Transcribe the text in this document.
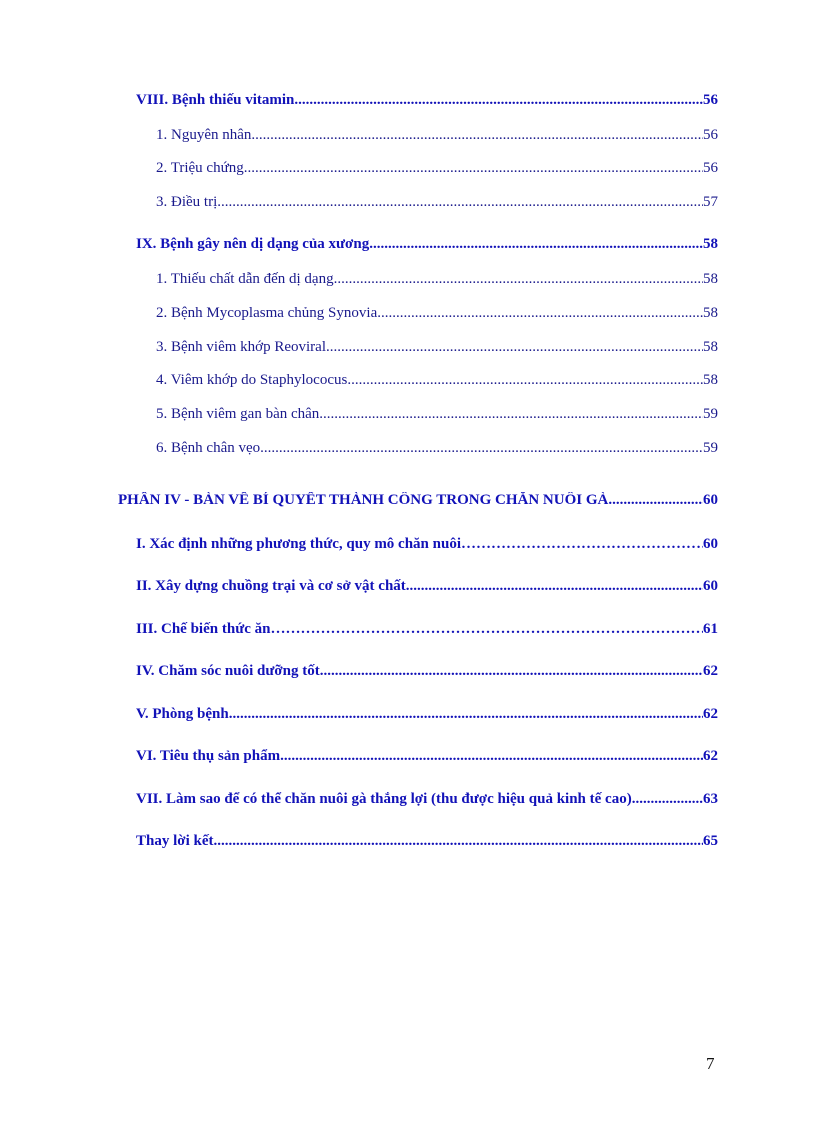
VIII. Bệnh thiếu vitamin .....	56
1. Nguyên nhân .....	56
2. Triệu chứng .....	56
3. Điều trị .....	57
IX. Bệnh gây nên dị dạng của xương .....	58
1. Thiếu chất dẫn đến dị dạng .....	58
2. Bệnh Mycoplasma chủng Synovia .....	58
3. Bệnh viêm khớp Reoviral .....	58
4. Viêm khớp do Staphylococus .....	58
5. Bệnh viêm gan bàn chân .....	59
6. Bệnh chân vẹo .....	59
PHẦN IV - BÀN VỀ BÍ QUYẾT THÀNH CÔNG TRONG CHĂN NUÔI GÀ .....	60
I. Xác định những phương thức, quy mô chăn nuôi ……………………………………………………………………………………………………………………………………………………………………………………………	60
II. Xây dựng chuồng trại và cơ sở vật chất .....	60
III. Chế biến thức ăn ……………………………………………………………………………………………………………………………………………………………………………………………	61
IV. Chăm sóc nuôi dưỡng tốt .....	62
V. Phòng bệnh .....	62
VI. Tiêu thụ sản phẩm .....	62
VII. Làm sao để có thể chăn nuôi gà thắng lợi (thu được hiệu quả kinh tế cao) .....	63
Thay lời kết .....	65
7
